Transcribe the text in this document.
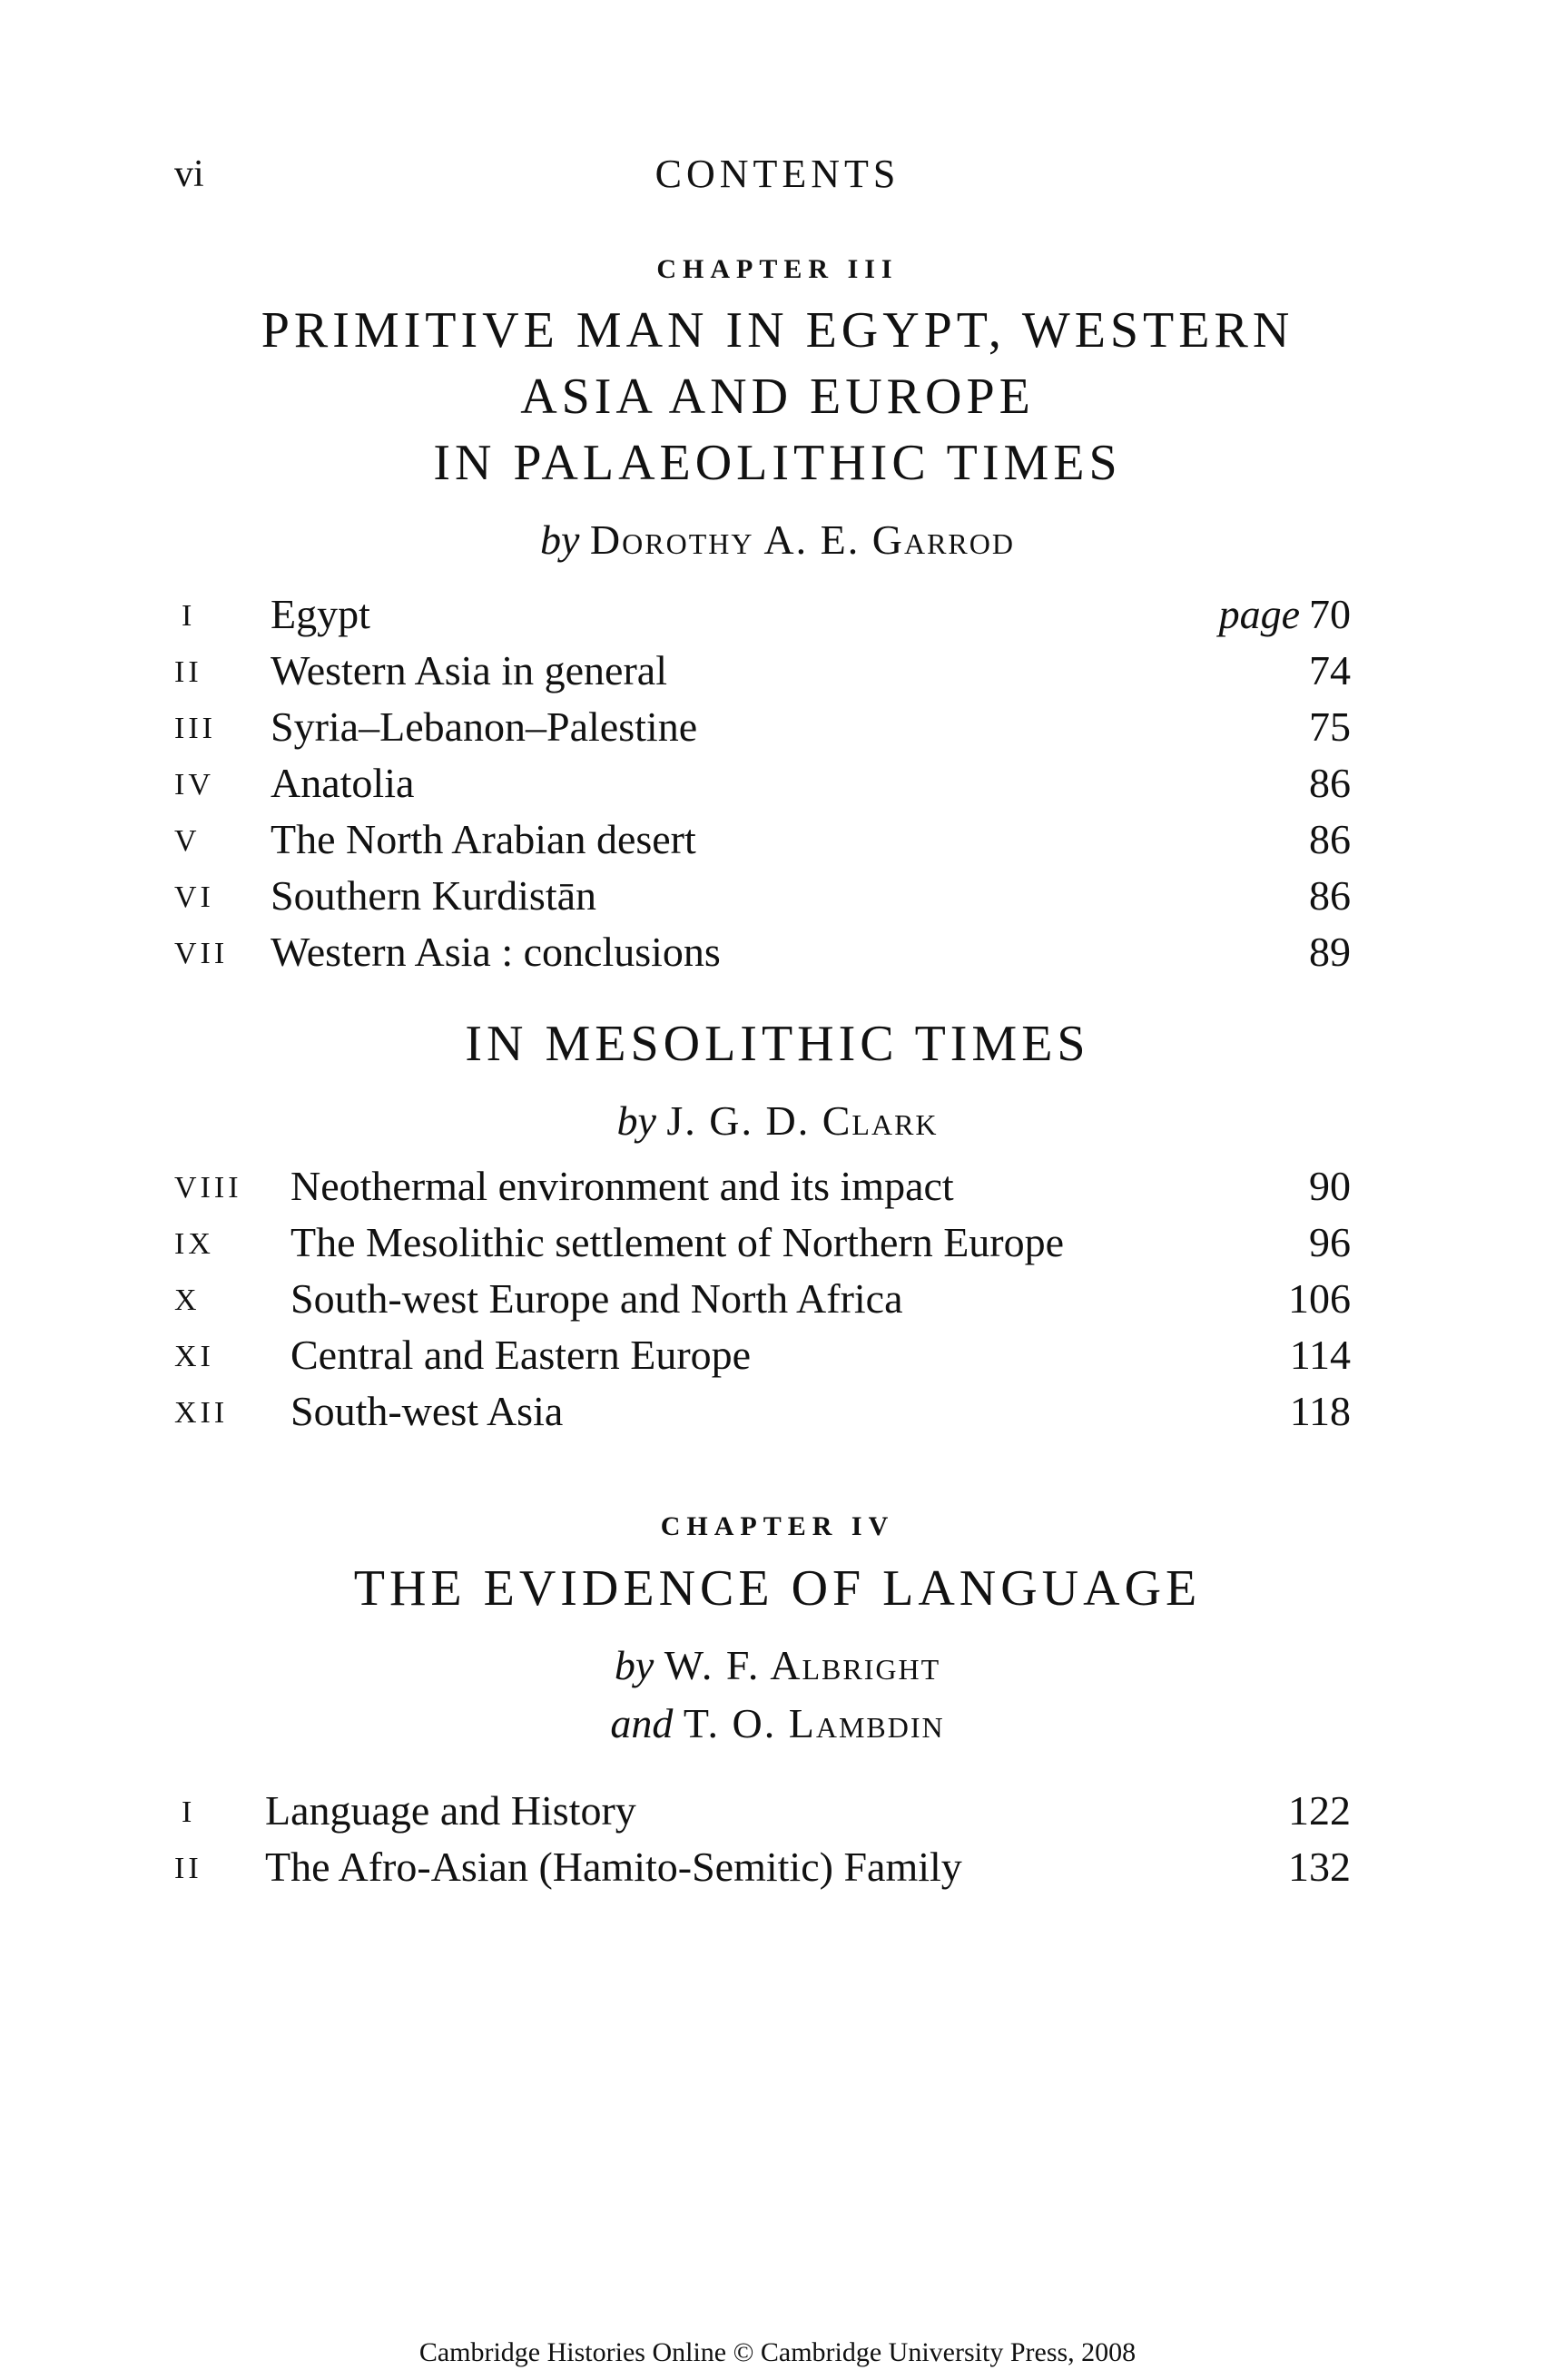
vi	CONTENTS
CHAPTER III
PRIMITIVE MAN IN EGYPT, WESTERN
ASIA AND EUROPE
IN PALAEOLITHIC TIMES
by Dorothy A. E. Garrod
I Egypt	page 70
II Western Asia in general	74
III Syria–Lebanon–Palestine	75
IV Anatolia	86
V The North Arabian desert	86
VI Southern Kurdistān	86
VII Western Asia : conclusions	89
IN MESOLITHIC TIMES
by J. G. D. Clark
VIII Neothermal environment and its impact	90
IX The Mesolithic settlement of Northern Europe	96
X South-west Europe and North Africa	106
XI Central and Eastern Europe	114
XII South-west Asia	118
CHAPTER IV
THE EVIDENCE OF LANGUAGE
by W. F. Albright
and T. O. Lambdin
I Language and History	122
II The Afro-Asian (Hamito-Semitic) Family	132
Cambridge Histories Online © Cambridge University Press, 2008
